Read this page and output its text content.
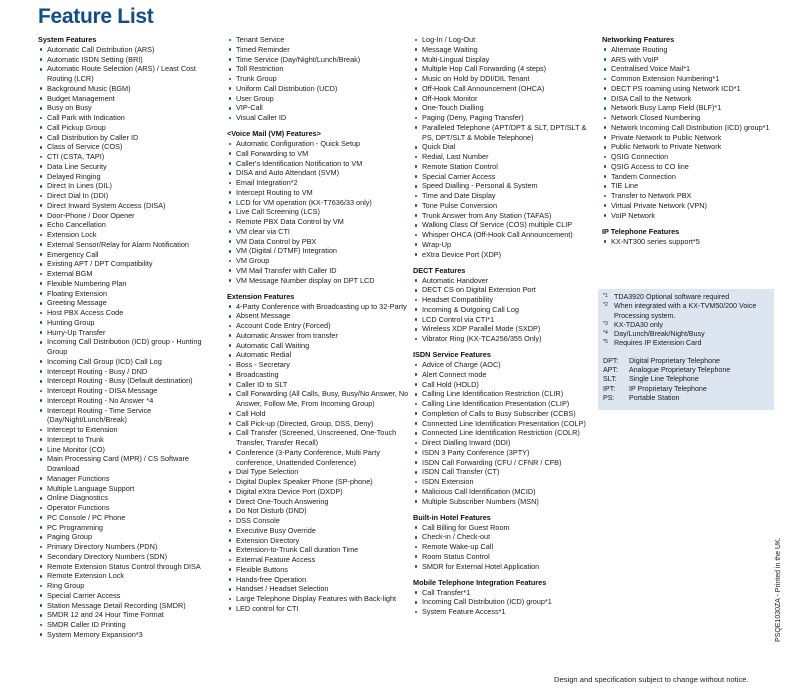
Feature List
System Features
Automatic Call Distribution (ARS)
Automatic ISDN Setting (BRI)
Automatic Route Selection (ARS) / Least Cost Routing (LCR)
Background Music (BGM)
Budget Management
Busy on Busy
Call Park with Indication
Call Pickup Group
Call Distribution by Caller ID
Class of Service (COS)
CTI (CSTA, TAPI)
Data Line Security
Delayed Ringing
Direct In Lines (DIL)
Direct Dial In (DDI)
Direct Inward System Access (DISA)
Door-Phone / Door Opener
Echo Cancellation
Extension Lock
External Sensor/Relay for Alarm Notification
Emergency Call
Existing APT / DPT Compatibility
External BGM
Flexible Numbering Plan
Floating Extension
Greeting Message
Host PBX Access Code
Hunting Group
Hurry-Up Transfer
Incoming Call Distribution (ICD) group - Hunting Group
Incoming Call Group (ICD) Call Log
Intercept Routing - Busy / DND
Intercept Routing - Busy (Default destination)
Intercept Routing - DISA Message
Intercept Routing - No Answer *4
Intercept Routing - Time Service (Day/Night/Lunch/Break)
Intercept to Extension
Intercept to Trunk
Line Monitor (CO)
Main Processing Card (MPR) / CS Software Download
Manager Functions
Multiple Language Support
Online Diagnostics
Operator Functions
PC Console / PC Phone
PC Programming
Paging Group
Primary Directory Numbers (PDN)
Secondary Directory Numbers (SDN)
Remote Extension Status Control through DISA
Remote Extension Lock
Ring Group
Special Carrier Access
Station Message Detail Recording (SMDR)
SMDR 12 and 24 Hour Time Format
SMDR Caller ID Printing
System Memory Expansion*3
Tenant Service
Timed Reminder
Time Service (Day/Night/Lunch/Break)
Toll Restriction
Trunk Group
Uniform Call Distribution (UCD)
User Group
VIP-Call
Visual Caller ID
<Voice Mail (VM) Features>
Automatic Configuration - Quick Setup
Call Forwarding to VM
Caller's Identification Notification to VM
DISA and Auto Attendant (SVM)
Email Integration*2
Intercept Routing to VM
LCD for VM operation (KX-T7636/33 only)
Live Call Screening (LCS)
Remote PBX Data Control by VM
VM clear via CTI
VM Data Control by PBX
VM (Digital / DTMF) Integration
VM Group
VM Mail Transfer with Caller ID
VM Message Number display on DPT LCD
Extension Features
4-Party Conference with Broadcasting up to 32-Party
Absent Message
Account Code Entry (Forced)
Automatic Answer from transfer
Automatic Call Waiting
Automatic Redial
Boss - Secretary
Broadcasting
Caller ID to SLT
Call Forwarding (All Calls, Busy, Busy/No Answer, No Answer, Follow Me, From Incoming Group)
Call Hold
Call Pick-up (Directed, Group, DSS, Deny)
Call Transfer (Screened, Unscreened, One-Touch Transfer, Transfer Recall)
Conference (3-Party Conference, Multi Party conference, Unattended Conference)
Dial Type Selection
Digital Duplex Speaker Phone (SP-phone)
Digital eXtra Device Port (DXDP)
Direct One-Touch Answering
Do Not Disturb (DND)
DSS Console
Executive Busy Override
Extension Directory
Extension-to-Trunk Call duration Time
External Feature Access
Flexible Buttons
Hands-free Operation
Handset / Headset Selection
Large Telephone Display Features with Back-light
LED control for CTI
Log-In / Log-Out
Message Waiting
Multi-Lingual Display
Multiple Hop Call Forwarding (4 steps)
Music on Hold by DDI/DIL Tenant
Off-Hook Call Announcement (OHCA)
Off-Hook Monitor
One-Touch Dialling
Paging (Deny, Paging Transfer)
Paralleled Telephone (APT/DPT & SLT, DPT/SLT & PS, DPT/SLT & Mobile Telephone)
Quick Dial
Redial, Last Number
Remote Station Control
Special Carrier Access
Speed Dialling - Personal & System
Time and Date Display
Tone Pulse Conversion
Trunk Answer from Any Station (TAFAS)
Walking Class Of Service (COS) multiple CLIP
Whisper OHCA (Off-Hook Call Announcement)
Wrap-Up
eXtra Device Port (XDP)
DECT Features
Automatic Handover
DECT CS on Digital Extension Port
Headset Compatibility
Incoming & Outgoing Call Log
LCD Control via CTI*1
Wireless XDP Parallel Mode (SXDP)
Vibrator Ring (KX-TCA256/355 Only)
ISDN Service Features
Advice of Charge (AOC)
Alert Connect mode
Call Hold (HOLD)
Calling Line Identification Restriction (CLIR)
Calling Line Identification Presentation (CLIP)
Completion of Calls to Busy Subscriber (CCBS)
Connected Line Identification Presentation (COLP)
Connected Line Identification Restriction (COLR)
Direct Dialling Inward (DDI)
ISDN 3 Party Conference (3PTY)
ISDN Call Forwarding (CFU / CFNR / CFB)
ISDN Call Transfer (CT)
ISDN Extension
Malicious Call Identification (MCID)
Multiple Subscriber Numbers (MSN)
Built-in Hotel Features
Call Billing for Guest Room
Check-in / Check-out
Remote Wake-up Call
Room Status Control
SMDR for External Hotel Application
Mobile Telephone Integration Features
Call Transfer*1
Incoming Call Distribution (ICD) group*1
System Feature Access*1
Networking Features
Alternate Routing
ARS with VoIP
Centralised Voice Mail*1
Common Extension Numbering*1
DECT PS roaming using Network ICD*1
DISA Call to the Network
Network Busy Lamp Field (BLF)*1
Network Closed Numbering
Network Incoming Call Distribution (ICD) group*1
Private Network to Public Network
Public Network to Private Network
QSIG Connection
QSIG Access to CO line
Tandem Connection
TIE Line
Transfer to Network PBX
Virtual Private Network (VPN)
VoIP Network
IP Telephone Features
KX-NT300 series support*5
*1 TDA3920 Optional software required
*2 When integrated with a KX-TVM50/200 Voice Processing system.
*3 KX-TDA30 only
*4 Day/Lunch/Break/Night/Busy
*5 Requires IP Extension Card
DPT:	Digital Proprietary Telephone
APT:	Analogue Proprietary Telephone
SLT:	Single Line Telephone
IPT:	IP Proprietary Telephone
PS:	Portable Station
Design and specification subject to change without notice.
PSQE1030ZA - Printed in the UK.
